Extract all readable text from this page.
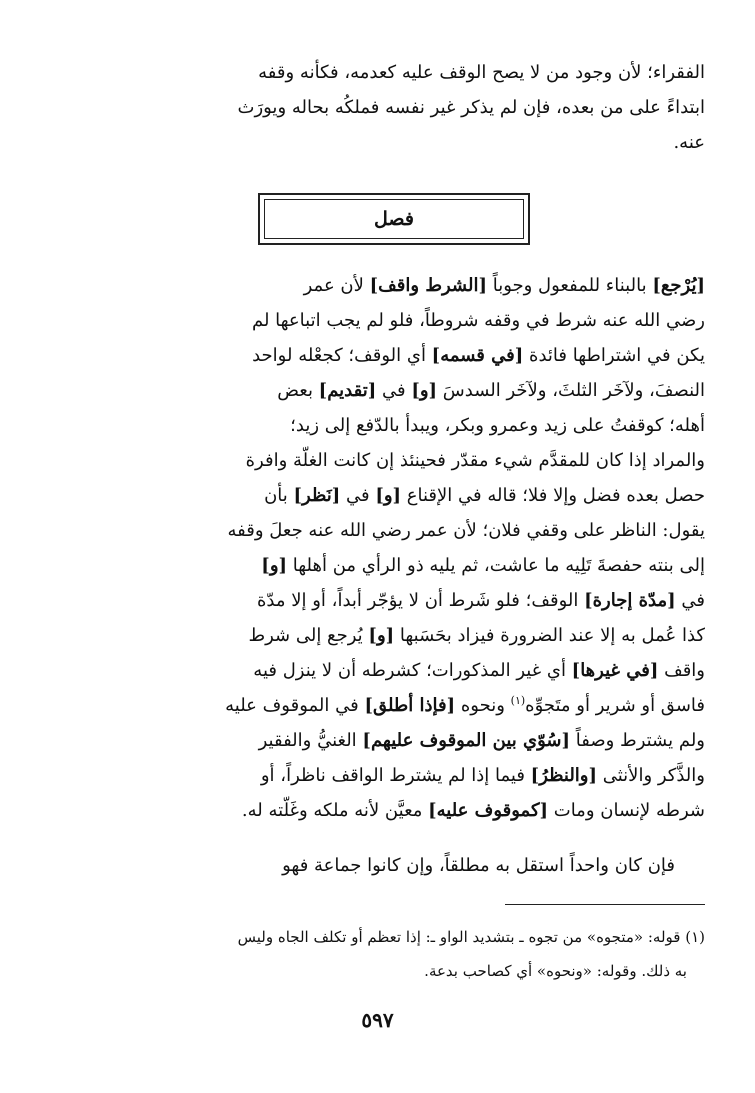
الفقراء؛ لأن وجود من لا يصح الوقف عليه كعدمه، فكأنه وقفه
ابتداءً على من بعده، فإن لم يذكر غير نفسه فملكُه بحاله ويورَث
عنه.
فصل
[يُرْجع] بالبناء للمفعول وجوباً [الشرط واقف] لأن عمر
رضي الله عنه شرط في وقفه شروطاً، فلو لم يجب اتباعها لم
يكن في اشتراطها فائدة [في قسمه] أي الوقف؛ كجعْله لواحد
النصفَ، ولآخَر الثلثَ، ولآخَر السدسَ [و] في [تقديم] بعض
أهله؛ كوقفتُ على زيد وعمرو وبكر، ويبدأ بالدّفع إلى زيد؛
والمراد إذا كان للمقدَّم شيء مقدّر فحينئذ إن كانت الغلّة وافرة
حصل بعده فضل وإلا فلا؛ قاله في الإقناع [و] في [نَظر] بأن
يقول: الناظر على وقفي فلان؛ لأن عمر رضي الله عنه جعلَ وقفه
إلى بنته حفصةَ تَلِيه ما عاشت، ثم يليه ذو الرأي من أهلها [و]
في [مدّة إجارة] الوقف؛ فلو شَرط أن لا يؤجّر أبداً، أو إلا مدّة
كذا عُمل به إلا عند الضرورة فيزاد بحَسَبها [و] يُرجع إلى شرط
واقف [في غيرها] أي غير المذكورات؛ كشرطه أن لا ينزل فيه
فاسق أو شرير أو متَجوِّه$^{(١)}$ ونحوه [فإذا أطلق] في الموقوف عليه
ولم يشترط وصفاً [سُوّي بين الموقوف عليهم] الغنيُّ والفقير
والذَّكر والأنثى [والنظرُ] فيما إذا لم يشترط الواقف ناظراً، أو
شرطه لإنسان ومات [كموقوف عليه] معيَّن لأنه ملكه وغَلّته له.
فإن كان واحداً استقل به مطلقاً، وإن كانوا جماعة فهو
(١) قوله: «متجوه» من تجوه ـ بتشديد الواو ـ: إذا تعظم أو تكلف الجاه وليس
به ذلك. وقوله: «ونحوه» أي كصاحب بدعة.
٥٩٧
